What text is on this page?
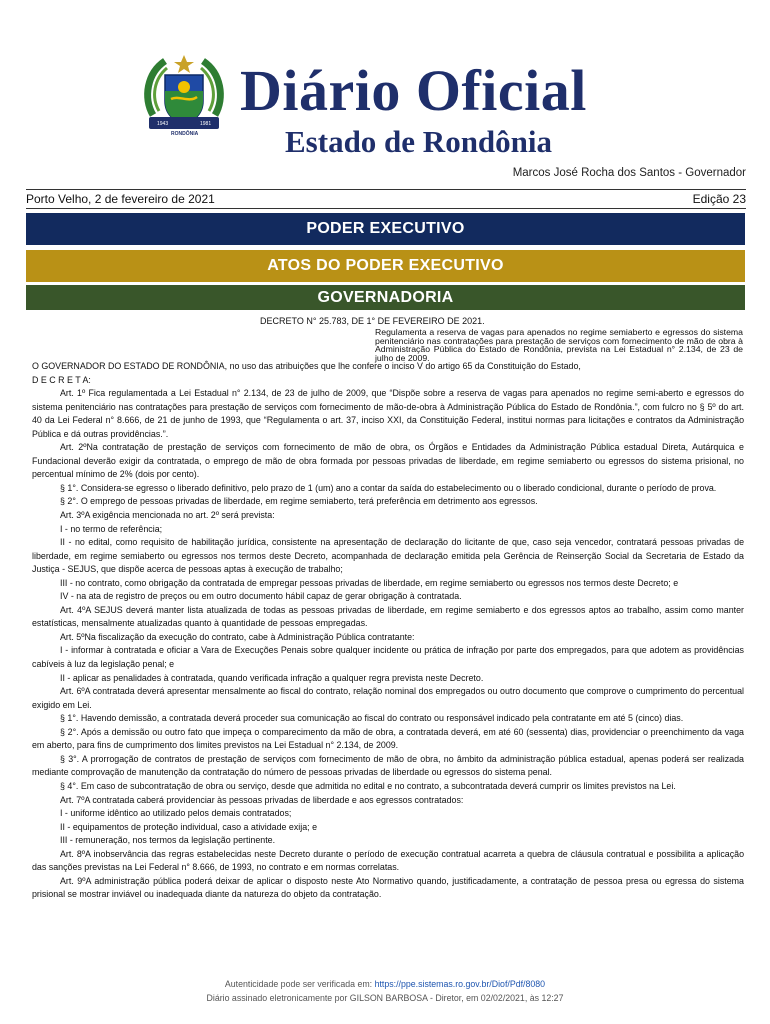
1943	1981
RONDÔNIA
Diário Oficial
Estado de Rondônia
Marcos José Rocha dos Santos - Governador
Porto Velho, 2 de fevereiro de 2021	Edição 23
PODER EXECUTIVO
ATOS DO PODER EXECUTIVO
GOVERNADORIA
DECRETO N° 25.783, DE 1° DE FEVEREIRO DE 2021.
Regulamenta a reserva de vagas para apenados no regime semiaberto e egressos do sistema penitenciário nas contratações para prestação de serviços com fornecimento de mão de obra à Administração Pública do Estado de Rondônia, prevista na Lei Estadual n° 2.134, de 23 de julho de 2009.

O GOVERNADOR DO ESTADO DE RONDÔNIA, no uso das atribuições que lhe confere o inciso V do artigo 65 da Constituição do Estado,

D E C R E T A:

Art. 1º Fica regulamentada a Lei Estadual n° 2.134, de 23 de julho de 2009, que “Dispõe sobre a reserva de vagas para apenados no regime semi-aberto e egressos do sistema penitenciário nas contratações para prestação de serviços com fornecimento de mão-de-obra à Administração Pública do Estado de Rondônia.”, com fulcro no § 5º do art. 40 da Lei Federal n° 8.666, de 21 de junho de 1993, que “Regulamenta o art. 37, inciso XXI, da Constituição Federal, institui normas para licitações e contratos da Administração Pública e dá outras providências.”.

Art. 2ºNa contratação de prestação de serviços com fornecimento de mão de obra, os Órgãos e Entidades da Administração Pública estadual Direta, Autárquica e Fundacional deverão exigir da contratada, o emprego de mão de obra formada por pessoas privadas de liberdade, em regime semiaberto ou egressos do sistema prisional, no percentual mínimo de 2% (dois por cento).

§ 1°. Considera-se egresso o liberado definitivo, pelo prazo de 1 (um) ano a contar da saída do estabelecimento ou o liberado condicional, durante o período de prova.

§ 2°. O emprego de pessoas privadas de liberdade, em regime semiaberto, terá preferência em detrimento aos egressos.

Art. 3ºA exigência mencionada no art. 2º será prevista:

I - no termo de referência;

II - no edital, como requisito de habilitação jurídica, consistente na apresentação de declaração do licitante de que, caso seja vencedor, contratará pessoas privadas de liberdade, em regime semiaberto ou egressos nos termos deste Decreto, acompanhada de declaração emitida pela Gerência de Reinserção Social da Secretaria de Estado da Justiça - SEJUS, que dispõe acerca de pessoas aptas à execução de trabalho;

III - no contrato, como obrigação da contratada de empregar pessoas privadas de liberdade, em regime semiaberto ou egressos nos termos deste Decreto; e

IV - na ata de registro de preços ou em outro documento hábil capaz de gerar obrigação à contratada.

Art. 4ºA SEJUS deverá manter lista atualizada de todas as pessoas privadas de liberdade, em regime semiaberto e dos egressos aptos ao trabalho, assim como manter estatísticas, mensalmente atualizadas quanto à quantidade de pessoas empregadas.

Art. 5ºNa fiscalização da execução do contrato, cabe à Administração Pública contratante:

I - informar à contratada e oficiar a Vara de Execuções Penais sobre qualquer incidente ou prática de infração por parte dos empregados, para que adotem as providências cabíveis à luz da legislação penal; e

II - aplicar as penalidades à contratada, quando verificada infração a qualquer regra prevista neste Decreto.

Art. 6ºA contratada deverá apresentar mensalmente ao fiscal do contrato, relação nominal dos empregados ou outro documento que comprove o cumprimento do percentual exigido em Lei.

§ 1°. Havendo demissão, a contratada deverá proceder sua comunicação ao fiscal do contrato ou responsável indicado pela contratante em até 5 (cinco) dias.

§ 2°. Após a demissão ou outro fato que impeça o comparecimento da mão de obra, a contratada deverá, em até 60 (sessenta) dias, providenciar o preenchimento da vaga em aberto, para fins de cumprimento dos limites previstos na Lei Estadual n° 2.134, de 2009.

§ 3°. A prorrogação de contratos de prestação de serviços com fornecimento de mão de obra, no âmbito da administração pública estadual, apenas poderá ser realizada mediante comprovação de manutenção da contratação do número de pessoas privadas de liberdade ou egressos do sistema penal.

§ 4°. Em caso de subcontratação de obra ou serviço, desde que admitida no edital e no contrato, a subcontratada deverá cumprir os limites previstos na Lei.

Art. 7ºA contratada caberá providenciar às pessoas privadas de liberdade e aos egressos contratados:

I - uniforme idêntico ao utilizado pelos demais contratados;

II - equipamentos de proteção individual, caso a atividade exija; e

III - remuneração, nos termos da legislação pertinente.

Art. 8ºA inobservância das regras estabelecidas neste Decreto durante o período de execução contratual acarreta a quebra de cláusula contratual e possibilita a aplicação das sanções previstas na Lei Federal n° 8.666, de 1993, no contrato e em normas correlatas.

Art. 9ºA administração pública poderá deixar de aplicar o disposto neste Ato Normativo quando, justificadamente, a contratação de pessoa presa ou egressa do sistema prisional se mostrar inviável ou inadequada diante da natureza do objeto da contratação.

Autenticidade pode ser verificada em: https://ppe.sistemas.ro.gov.br/Diof/Pdf/8080
Diário assinado eletronicamente por GILSON BARBOSA - Diretor, em 02/02/2021, às 12:27
